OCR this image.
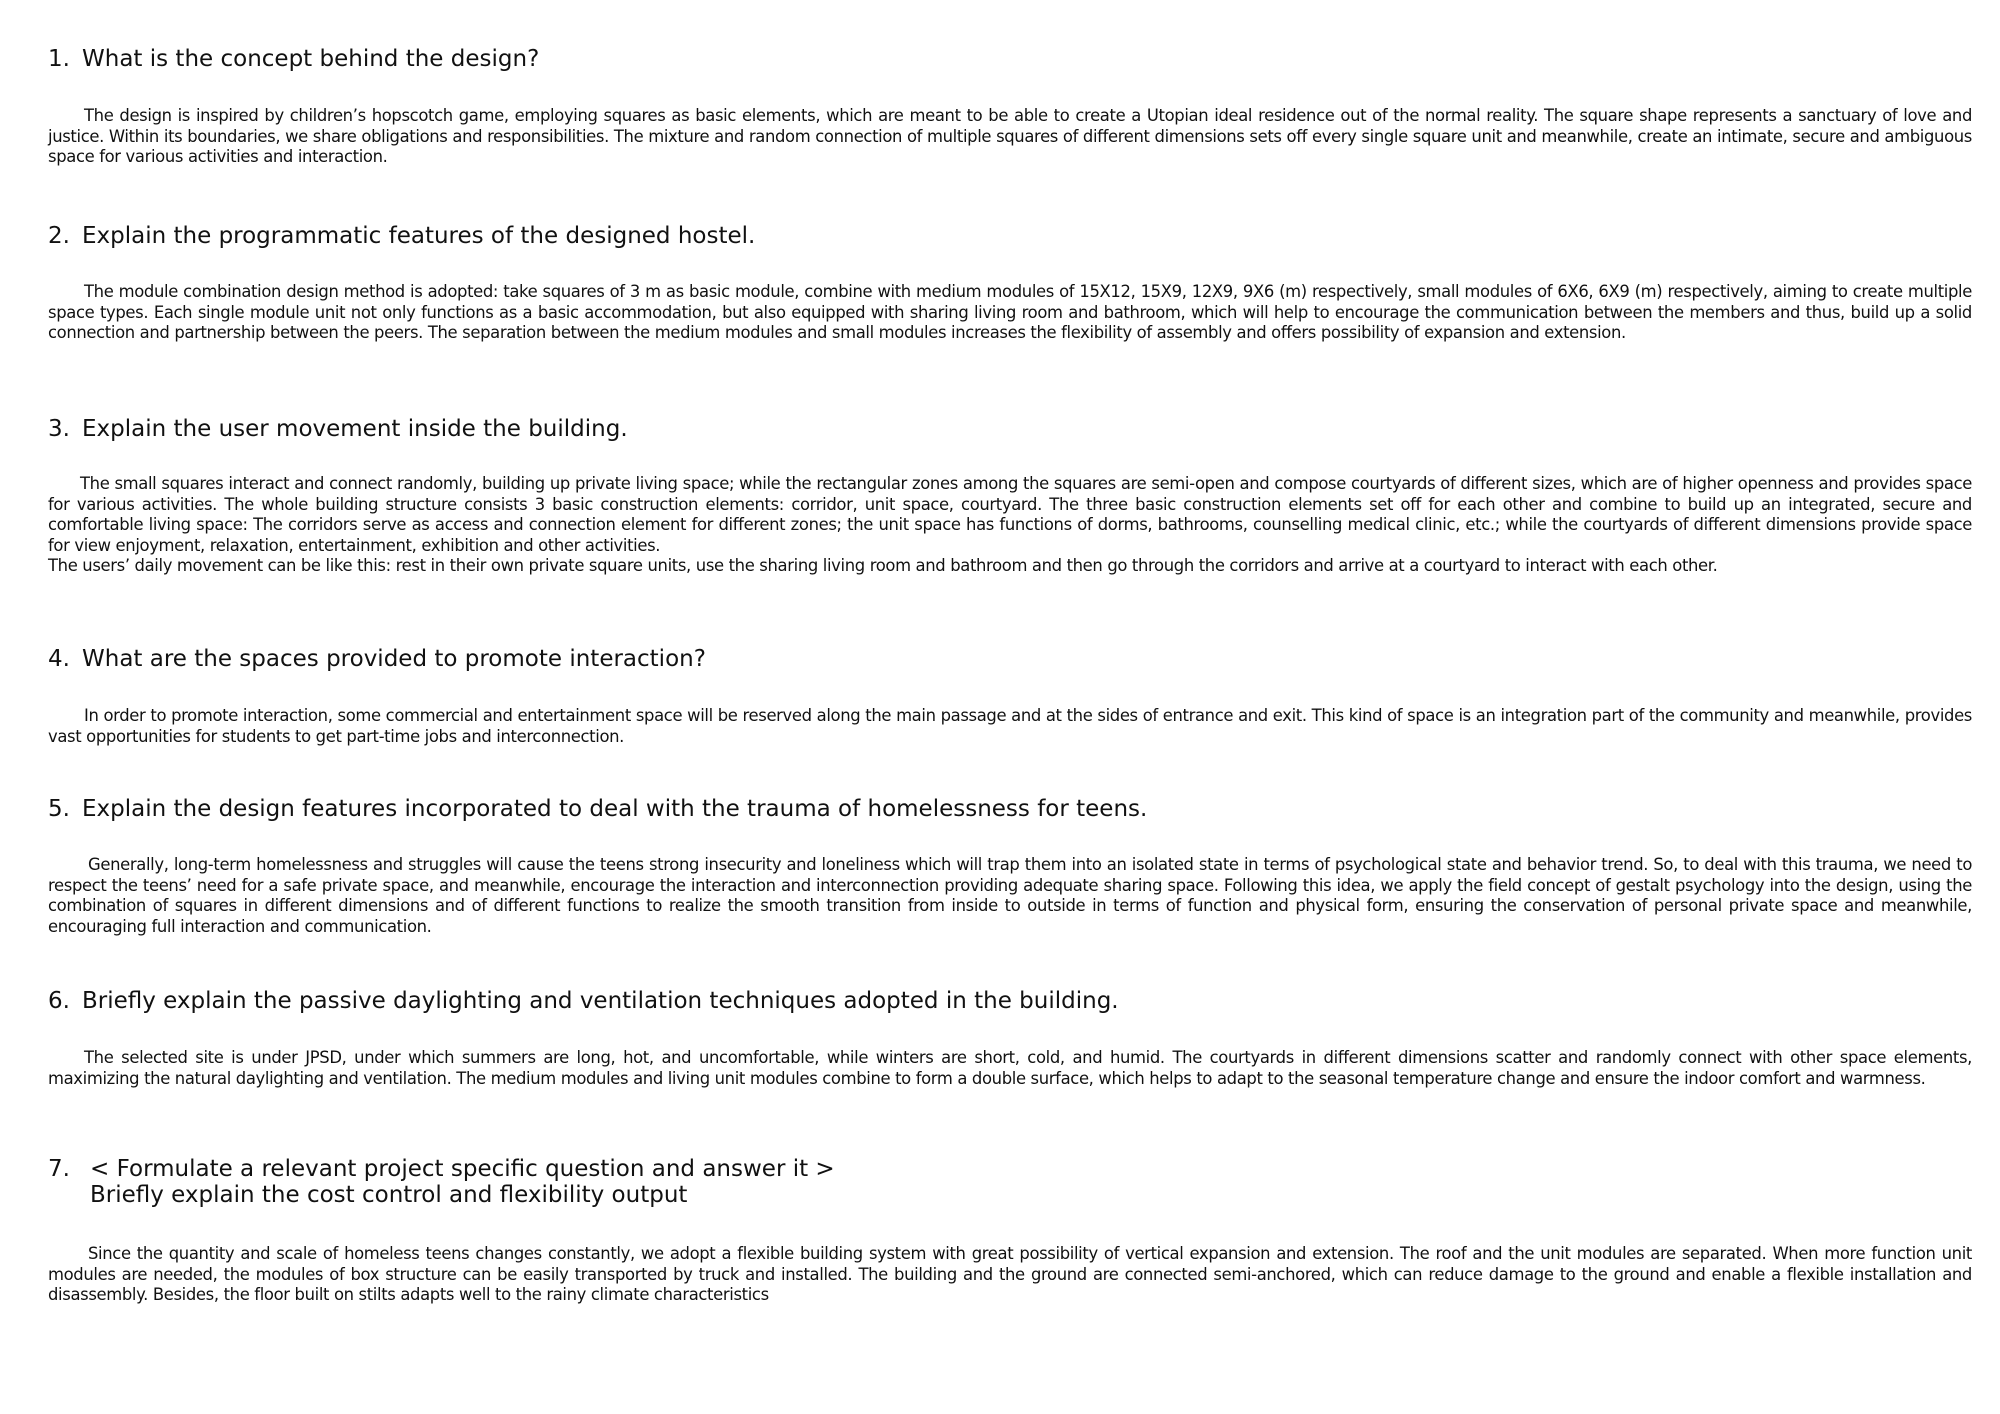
1. What is the concept behind the design?
The design is inspired by children’s hopscotch game, employing squares as basic elements, which are meant to be able to create a Utopian ideal residence out of the normal reality. The square shape represents a sanctuary of love and justice. Within its boundaries, we share obligations and responsibilities. The mixture and random connection of multiple squares of different dimensions sets off every single square unit and meanwhile, create an intimate, secure and ambiguous space for various activities and interaction.
2. Explain the programmatic features of the designed hostel.
The module combination design method is adopted: take squares of 3 m as basic module, combine with medium modules of 15X12, 15X9, 12X9, 9X6 (m) respectively, small modules of 6X6, 6X9 (m) respectively, aiming to create multiple space types. Each single module unit not only functions as a basic accommodation, but also equipped with sharing living room and bathroom, which will help to encourage the communication between the members and thus, build up a solid connection and partnership between the peers. The separation between the medium modules and small modules increases the flexibility of assembly and offers possibility of expansion and extension.
3. Explain the user movement inside the building.
The small squares interact and connect randomly, building up private living space; while the rectangular zones among the squares are semi-open and compose courtyards of different sizes, which are of higher openness and provides space for various activities. The whole building structure consists 3 basic construction elements: corridor, unit space, courtyard. The three basic construction elements set off for each other and combine to build up an integrated, secure and comfortable living space: The corridors serve as access and connection element for different zones; the unit space has functions of dorms, bathrooms, counselling medical clinic, etc.; while the courtyards of different dimensions provide space for view enjoyment, relaxation, entertainment, exhibition and other activities.
The users’ daily movement can be like this: rest in their own private square units, use the sharing living room and bathroom and then go through the corridors and arrive at a courtyard to interact with each other.
4. What are the spaces provided to promote interaction?
In order to promote interaction, some commercial and entertainment space will be reserved along the main passage and at the sides of entrance and exit. This kind of space is an integration part of the community and meanwhile, provides vast opportunities for students to get part-time jobs and interconnection.
5. Explain the design features incorporated to deal with the trauma of homelessness for teens.
Generally, long-term homelessness and struggles will cause the teens strong insecurity and loneliness which will trap them into an isolated state in terms of psychological state and behavior trend. So, to deal with this trauma, we need to respect the teens’ need for a safe private space, and meanwhile, encourage the interaction and interconnection providing adequate sharing space. Following this idea, we apply the field concept of gestalt psychology into the design, using the combination of squares in different dimensions and of different functions to realize the smooth transition from inside to outside in terms of function and physical form, ensuring the conservation of personal private space and meanwhile, encouraging full interaction and communication.
6. Briefly explain the passive daylighting and ventilation techniques adopted in the building.
The selected site is under JPSD, under which summers are long, hot, and uncomfortable, while winters are short, cold, and humid. The courtyards in different dimensions scatter and randomly connect with other space elements, maximizing the natural daylighting and ventilation. The medium modules and living unit modules combine to form a double surface, which helps to adapt to the seasonal temperature change and ensure the indoor comfort and warmness.
7. < Formulate a relevant project specific question and answer it >
Briefly explain the cost control and flexibility output
Since the quantity and scale of homeless teens changes constantly, we adopt a flexible building system with great possibility of vertical expansion and extension. The roof and the unit modules are separated. When more function unit modules are needed, the modules of box structure can be easily transported by truck and installed. The building and the ground are connected semi-anchored, which can reduce damage to the ground and enable a flexible installation and disassembly. Besides, the floor built on stilts adapts well to the rainy climate characteristics
